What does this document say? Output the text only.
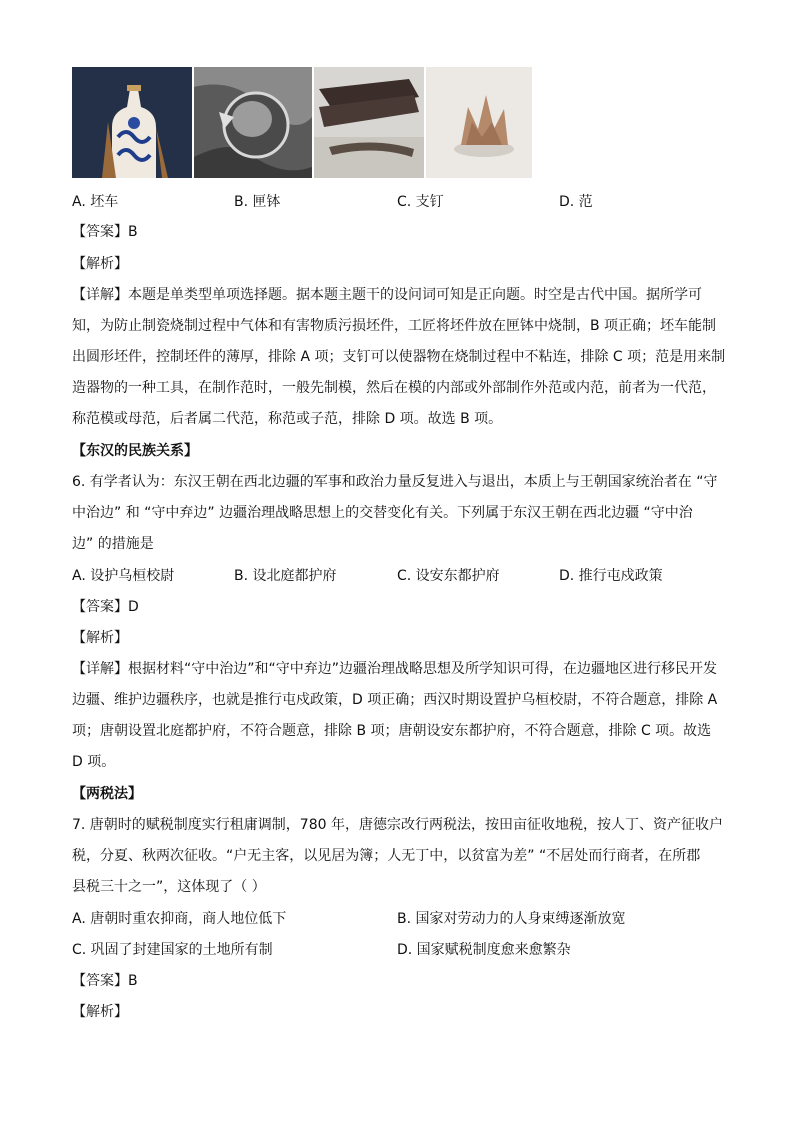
A. 坯车	B. 匣钵	C. 支钉	D. 范
【答案】B
【解析】
【详解】本题是单类型单项选择题。据本题主题干的设问词可知是正向题。时空是古代中国。据所学可
知，为防止制瓷烧制过程中气体和有害物质污损坯件，工匠将坯件放在匣钵中烧制，B 项正确；坯车能制
出圆形坯件，控制坯件的薄厚，排除 A 项；支钉可以使器物在烧制过程中不粘连，排除 C 项；范是用来制
造器物的一种工具，在制作范时，一般先制模，然后在模的内部或外部制作外范或内范，前者为一代范，
称范模或母范，后者属二代范，称范或子范，排除 D 项。故选 B 项。
【东汉的民族关系】
6. 有学者认为：东汉王朝在西北边疆的军事和政治力量反复进入与退出，本质上与王朝国家统治者在 “守
中治边” 和 “守中弃边” 边疆治理战略思想上的交替变化有关。下列属于东汉王朝在西北边疆 “守中治
边” 的措施是
A. 设护乌桓校尉	B. 设北庭都护府	C. 设安东都护府	D. 推行屯戍政策
【答案】D
【解析】
【详解】根据材料“守中治边”和“守中弃边”边疆治理战略思想及所学知识可得，在边疆地区进行移民开发
边疆、维护边疆秩序，也就是推行屯戍政策，D 项正确；西汉时期设置护乌桓校尉，不符合题意，排除 A
项；唐朝设置北庭都护府，不符合题意，排除 B 项；唐朝设安东都护府，不符合题意，排除 C 项。故选
D 项。
【两税法】
7. 唐朝时的赋税制度实行租庸调制，780 年，唐德宗改行两税法，按田亩征收地税，按人丁、资产征收户
税，分夏、秋两次征收。“户无主客，以见居为簿；人无丁中，以贫富为差” “不居处而行商者，在所郡
县税三十之一”，这体现了（ ）
A. 唐朝时重农抑商，商人地位低下	B. 国家对劳动力的人身束缚逐渐放宽
C. 巩固了封建国家的土地所有制	D. 国家赋税制度愈来愈繁杂
【答案】B
【解析】
